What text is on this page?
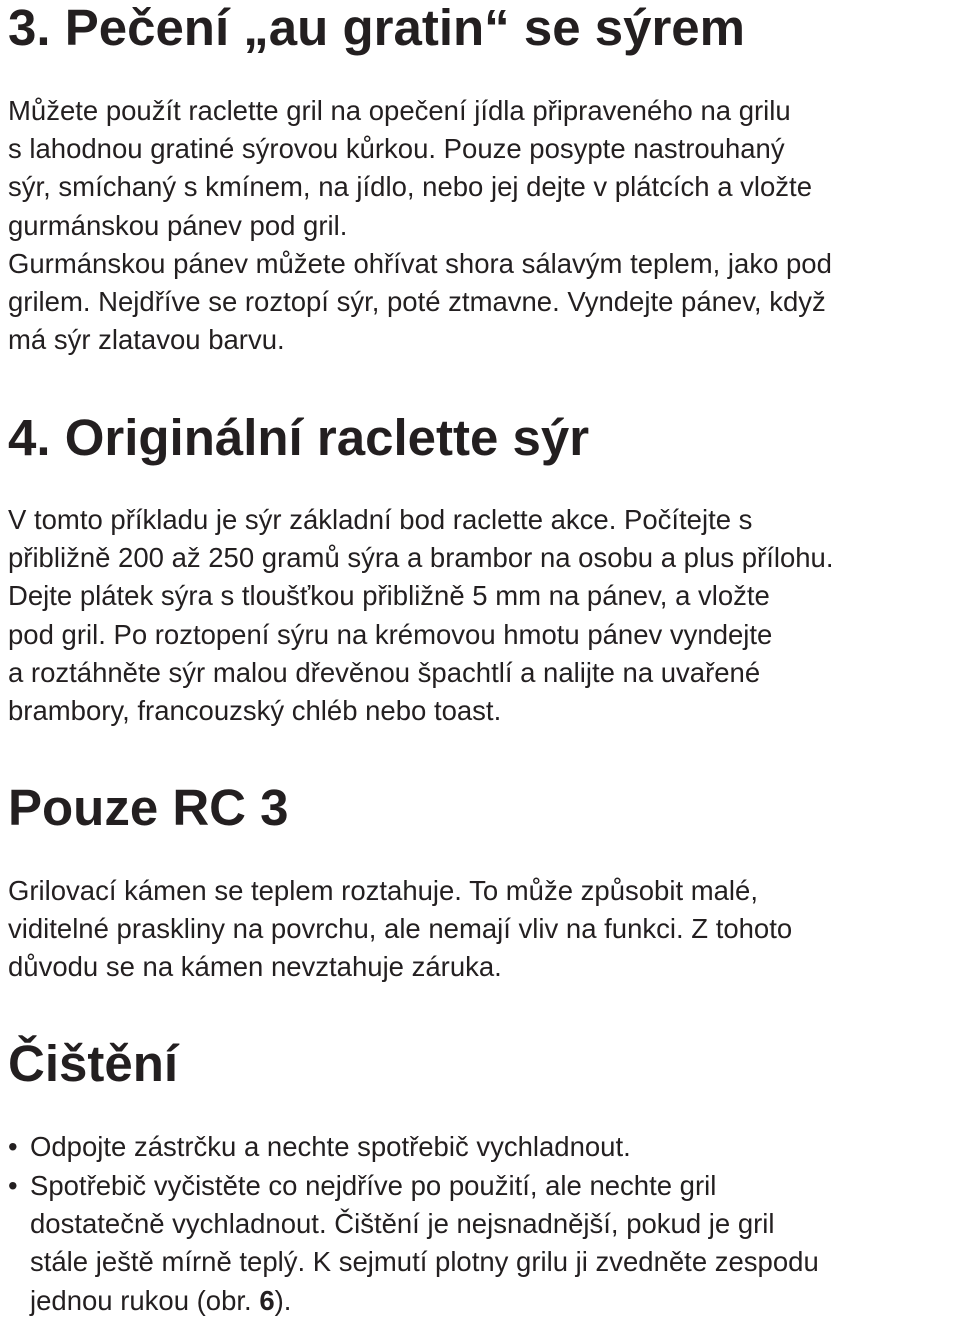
3. Pečení „au gratin“ se sýrem
Můžete použít raclette gril na opečení jídla připraveného na grilu
s lahodnou gratiné sýrovou kůrkou. Pouze posypte nastrouhaný
sýr, smíchaný s kmínem, na jídlo, nebo jej dejte v plátcích a vložte
gurmánskou pánev pod gril.
Gurmánskou pánev můžete ohřívat shora sálavým teplem, jako pod
grilem. Nejdříve se roztopí sýr, poté ztmavne. Vyndejte pánev, když
má sýr zlatavou barvu.
4. Originální raclette sýr
V tomto příkladu je sýr základní bod raclette akce. Počítejte s
přibližně 200 až 250 gramů sýra a brambor na osobu a plus přílohu.
Dejte plátek sýra s tloušťkou přibližně 5 mm na pánev, a vložte
pod gril. Po roztopení sýru na krémovou hmotu pánev vyndejte
a roztáhněte sýr malou dřevěnou špachtlí a nalijte na uvařené
brambory, francouzský chléb nebo toast.
Pouze RC 3
Grilovací kámen se teplem roztahuje. To může způsobit malé,
viditelné praskliny na povrchu, ale nemají vliv na funkci. Z tohoto
důvodu se na kámen nevztahuje záruka.
Čištění
• Odpojte zástrčku a nechte spotřebič vychladnout.
• Spotřebič vyčistěte co nejdříve po použití, ale nechte gril
dostatečně vychladnout. Čištění je nejsnadnější, pokud je gril
stále ještě mírně teplý. K sejmutí plotny grilu ji zvedněte zespodu
jednou rukou (obr. 6).
